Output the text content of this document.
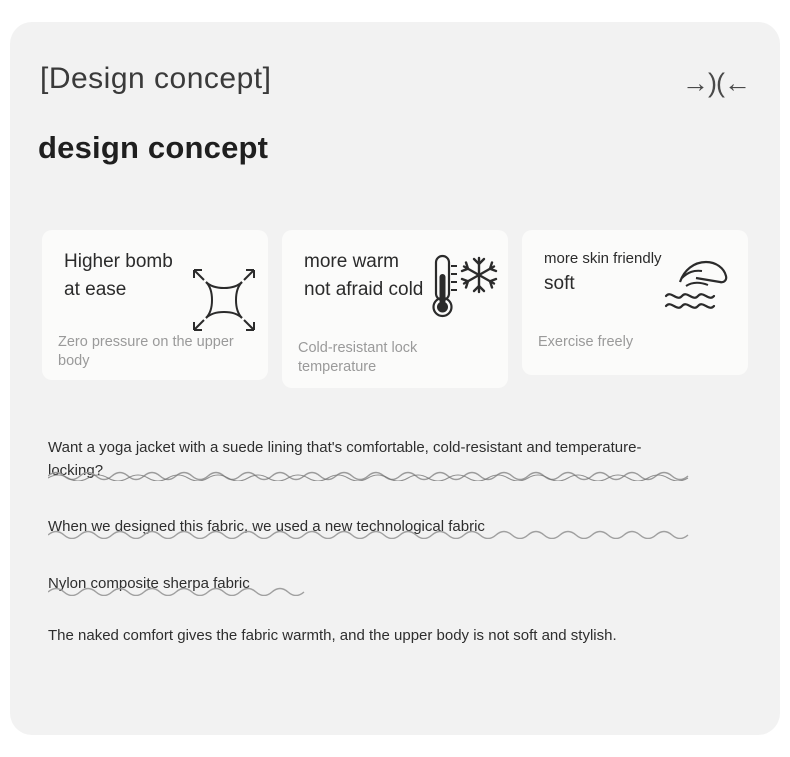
[Design concept]	→)(←
design concept
Higher bomb
at ease
Zero pressure on the upper body
more warm
not afraid cold
Cold-resistant lock temperature
more skin friendly
soft
Exercise freely
Want a yoga jacket with a suede lining that's comfortable, cold-resistant and temperature-locking?
When we designed this fabric, we used a new technological fabric
Nylon composite sherpa fabric
The naked comfort gives the fabric warmth, and the upper body is not soft and stylish.
